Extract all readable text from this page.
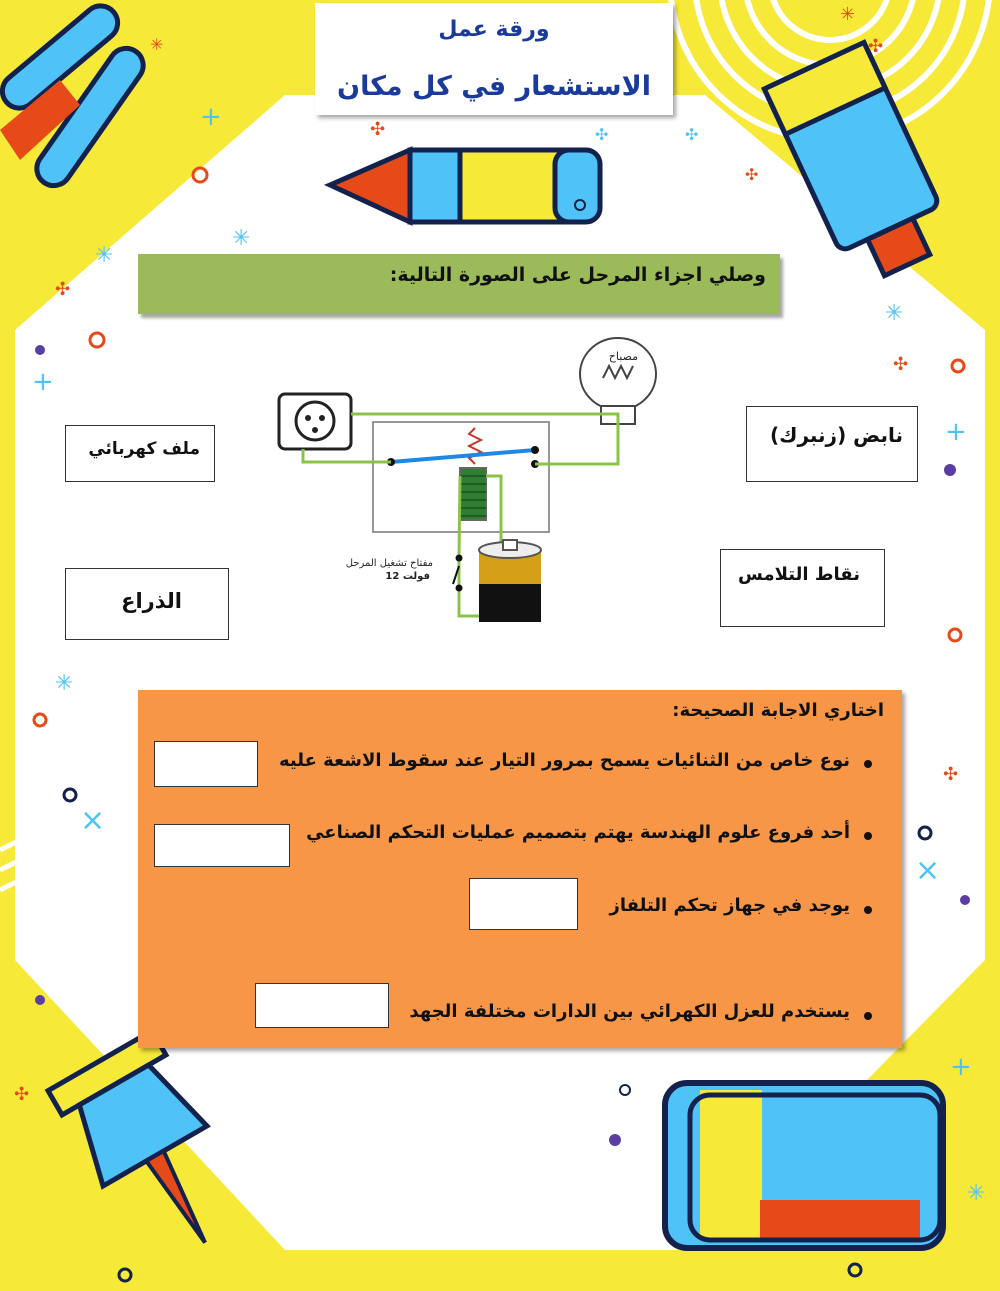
+
+
×
×
+
+
✣
✣
✣
✣
✣
✣
✣
✣
✣
✳
✳
✳
✳
✳
✳
✣
✳
ورقة عمل
الاستشعار في كل مكان
وصلي اجزاء المرحل على الصورة التالية:
ملف كهربائي
الذراع
نابض (زنبرك)
نقاط التلامس
مصباح
مفتاح تشغيل المرحل
12 فولت
اختاري الاجابة الصحيحة:
نوع خاص من الثنائيات يسمح بمرور التيار عند سقوط الاشعة عليه
أحد فروع علوم الهندسة يهتم بتصميم عمليات التحكم الصناعي
يوجد في جهاز تحكم التلفاز
يستخدم للعزل الكهرائي بين الدارات مختلفة الجهد
